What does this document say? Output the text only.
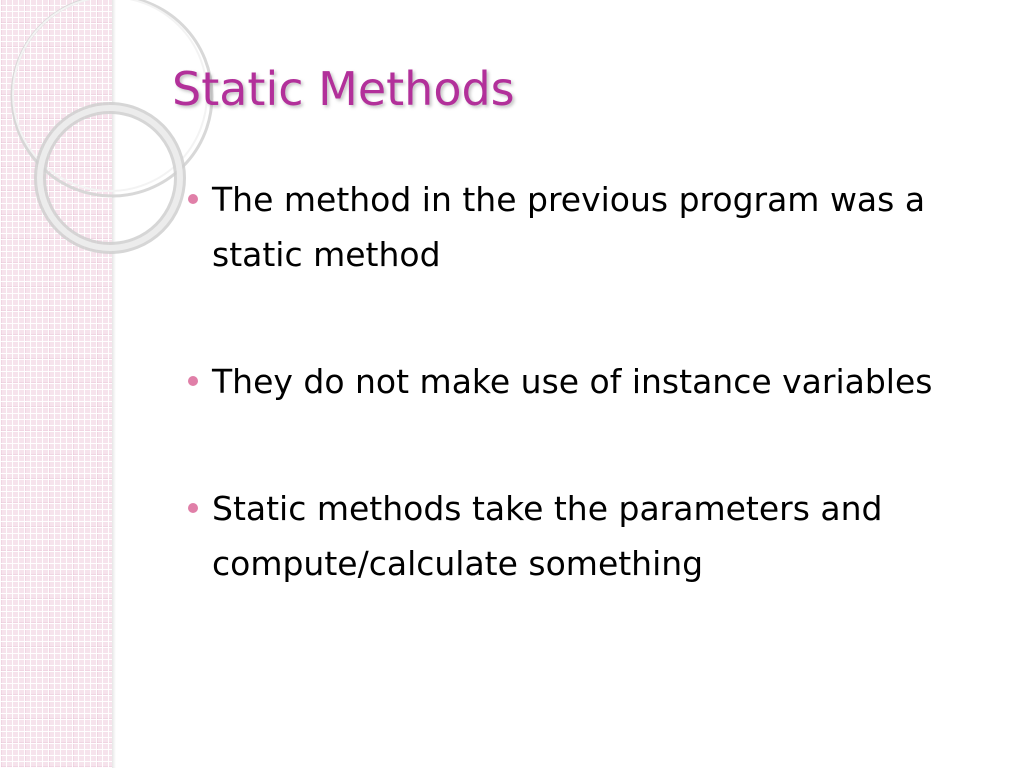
Static Methods
The method in the previous program was a static method
They do not make use of instance variables
Static methods take the parameters and compute/calculate something
